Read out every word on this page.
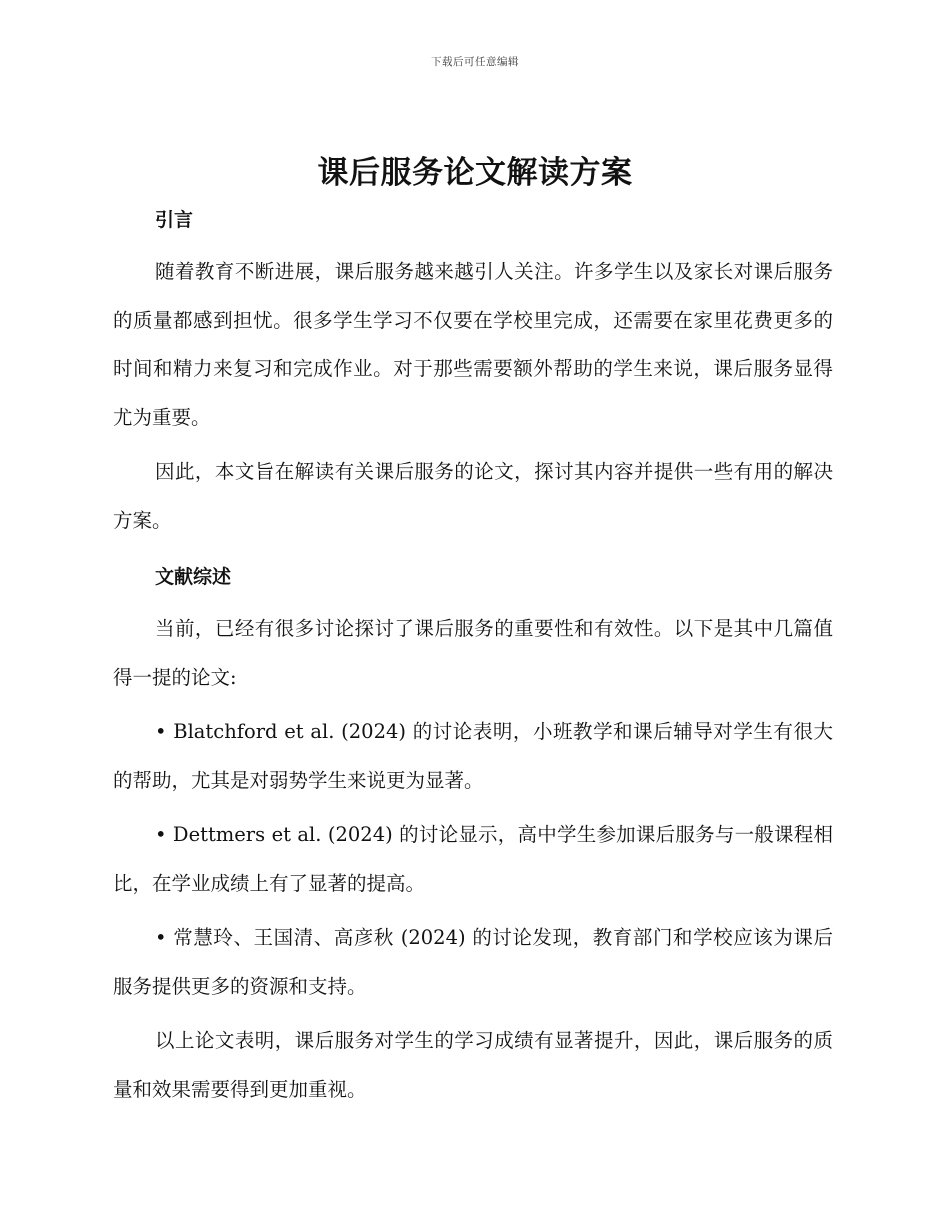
下载后可任意编辑
课后服务论文解读方案
引言

随着教育不断进展，课后服务越来越引人关注。许多学生以及家长对课后服务的质量都感到担忧。很多学生学习不仅要在学校里完成，还需要在家里花费更多的时间和精力来复习和完成作业。对于那些需要额外帮助的学生来说，课后服务显得尤为重要。

因此，本文旨在解读有关课后服务的论文，探讨其内容并提供一些有用的解决方案。

文献综述

当前，已经有很多讨论探讨了课后服务的重要性和有效性。以下是其中几篇值得一提的论文:

• Blatchford et al. (2024) 的讨论表明，小班教学和课后辅导对学生有很大的帮助，尤其是对弱势学生来说更为显著。

• Dettmers et al. (2024) 的讨论显示，高中学生参加课后服务与一般课程相比，在学业成绩上有了显著的提高。

• 常慧玲、王国清、高彦秋 (2024) 的讨论发现，教育部门和学校应该为课后服务提供更多的资源和支持。

以上论文表明，课后服务对学生的学习成绩有显著提升，因此，课后服务的质量和效果需要得到更加重视。
